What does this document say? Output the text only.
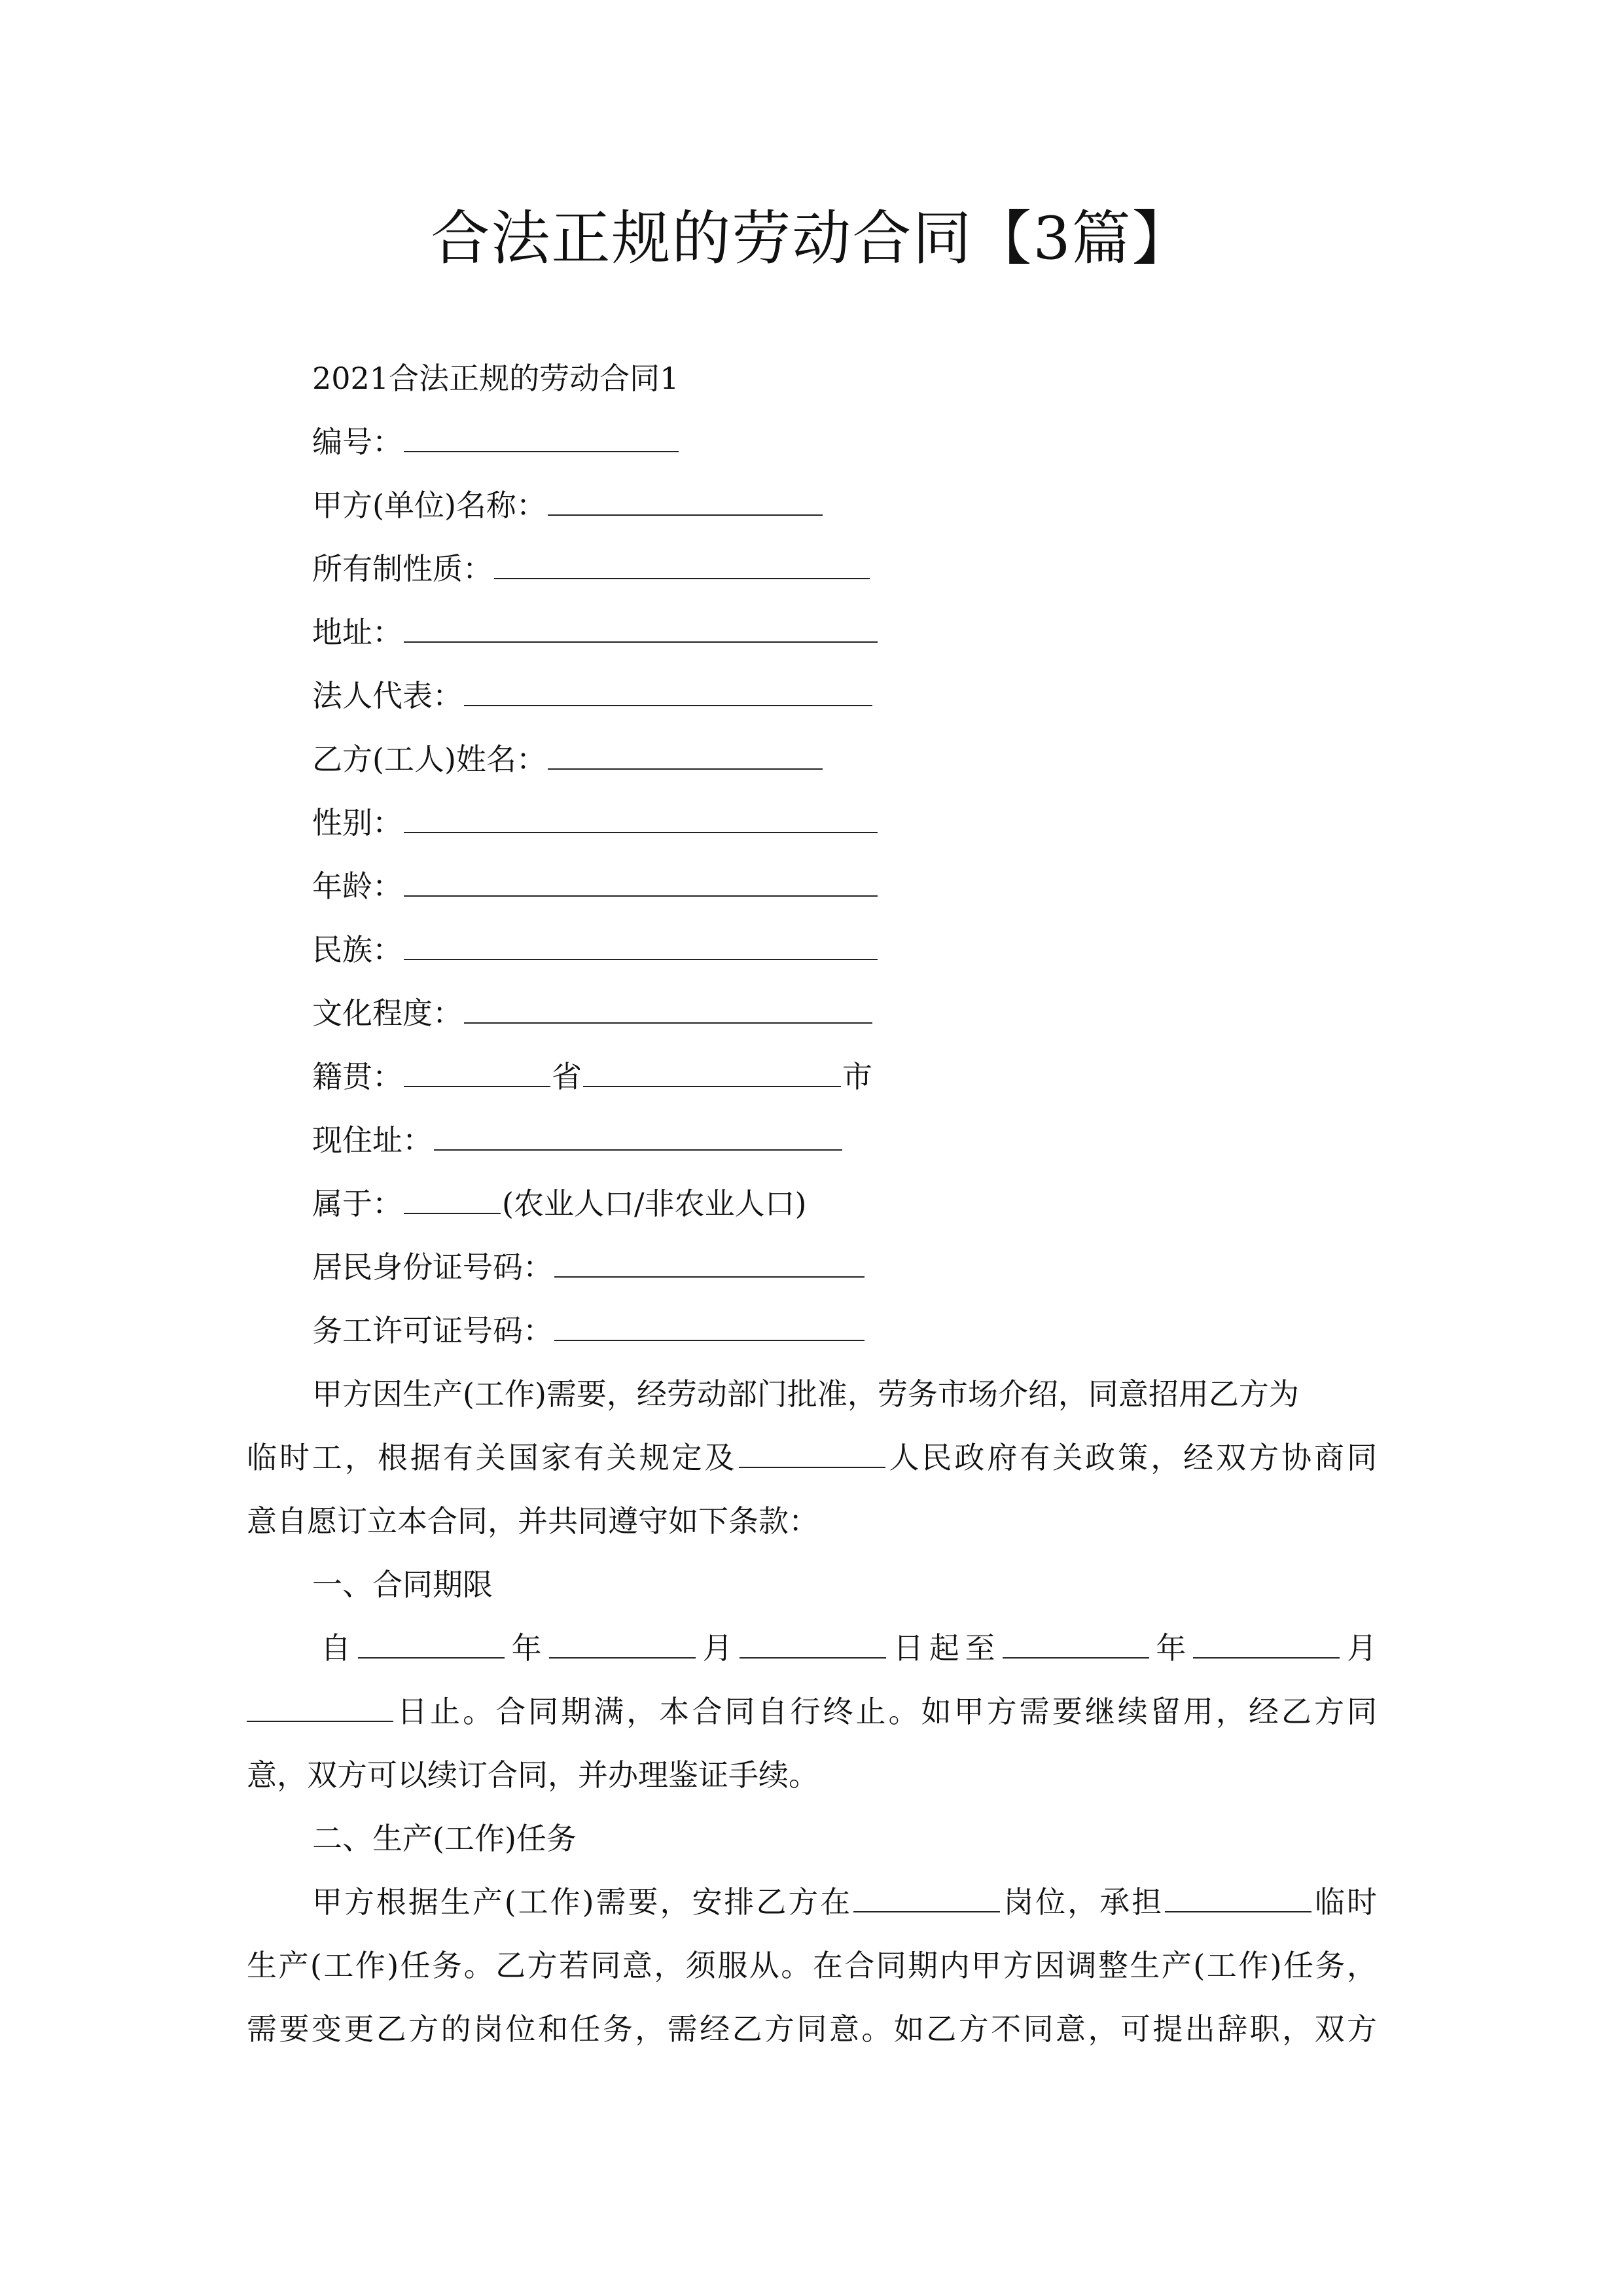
合法正规的劳动合同【3篇】
2021合法正规的劳动合同1
编号：
甲方(单位)名称：
所有制性质：
地址：
法人代表：
乙方(工人)姓名：
性别：
年龄：
民族：
文化程度：
籍贯：	省	市
现住址：
属于：	(农业人口/非农业人口)
居民身份证号码：
务工许可证号码：
甲方因生产(工作)需要，经劳动部门批准，劳务市场介绍，同意招用乙方为
临时工，根据有关国家有关规定及	人民政府有关政策，经双方协商同
意自愿订立本合同，并共同遵守如下条款：
一、合同期限
自	年	月	日起至	年	月
日止。合同期满，本合同自行终止。如甲方需要继续留用，经乙方同
意，双方可以续订合同，并办理鉴证手续。
二、生产(工作)任务
甲方根据生产(工作)需要，安排乙方在	岗位，承担	临时
生产(工作)任务。乙方若同意，须服从。在合同期内甲方因调整生产(工作)任务，
需要变更乙方的岗位和任务，需经乙方同意。如乙方不同意，可提出辞职，双方
